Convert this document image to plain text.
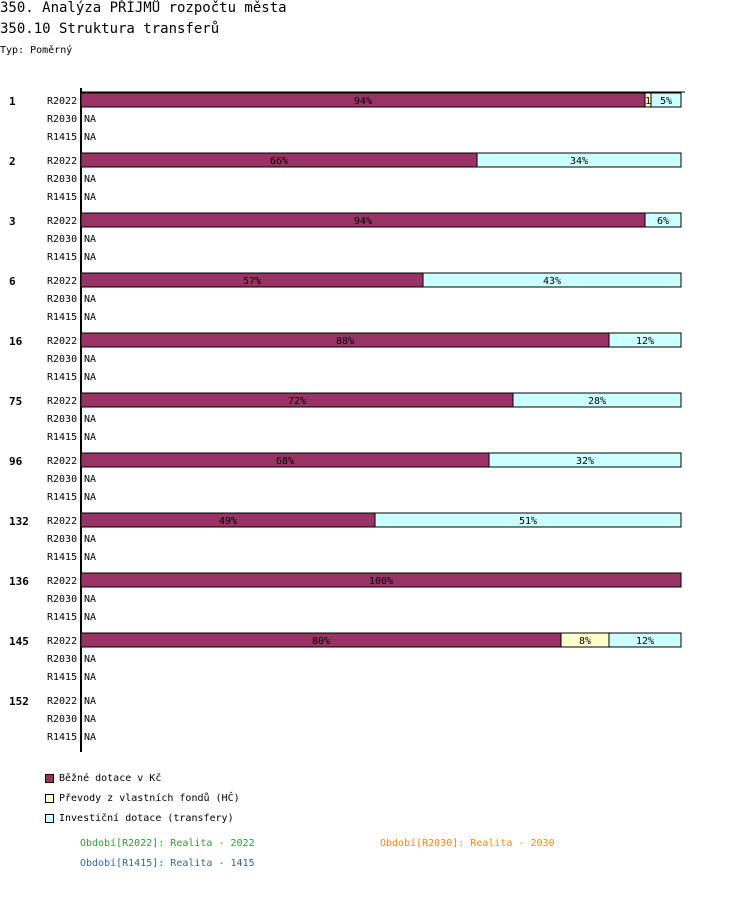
350. Analýza PŘÍJMŮ rozpočtu města
350.10 Struktura transferů
Typ: Poměrný
1	R2022	94%	1 5%
R2030 NA
R1415 NA
2	R2022	66%	34%
R2030 NA
R1415 NA
3	R2022	94%	6%
R2030 NA
R1415 NA
6	R2022	57%	43%
R2030 NA
R1415 NA
16 R2022	88%	12%
R2030 NA
R1415 NA
75 R2022	72%	28%
R2030 NA
R1415 NA
96 R2022	68%	32%
R2030 NA
R1415 NA
132 R2022	49%	51%
R2030 NA
R1415 NA
136 R2022	100%
R2030 NA
R1415 NA
145 R2022	80%	8%	12%
R2030 NA
R1415 NA
152 R2022 NA
R2030 NA
R1415 NA
Běžné dotace v Kč
Převody z vlastních fondů (HČ)
Investiční dotace (transfery)
Období[R2022]: Realita - 2022	Období[R2030]: Realita - 2030
Období[R1415]: Realita - 1415
